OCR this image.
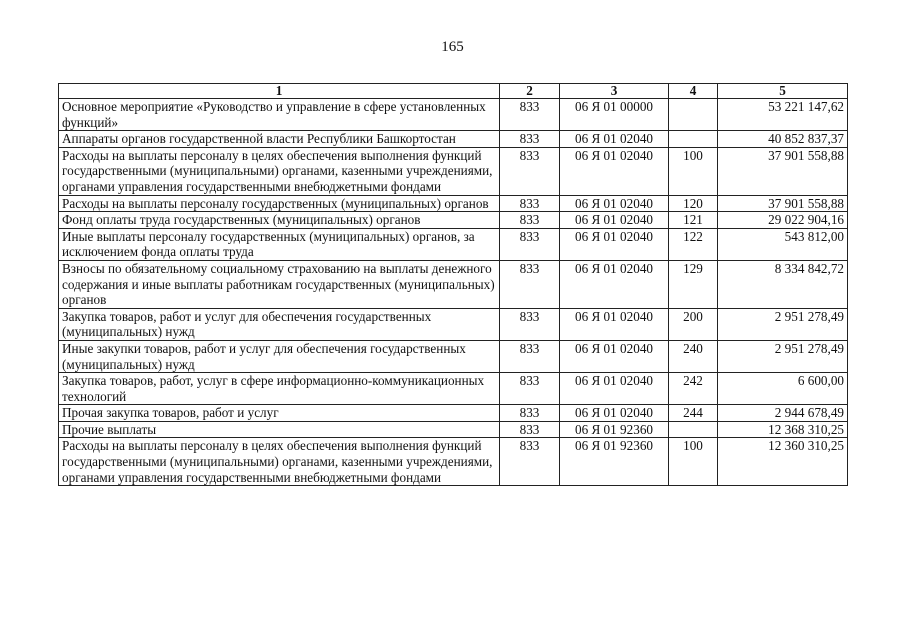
165
1	2	3	4	5
Основное мероприятие «Руководство и управление в сфере установленных функций»	833	06 Я 01 00000		53 221 147,62
Аппараты органов государственной власти Республики Башкортостан	833	06 Я 01 02040		40 852 837,37
Расходы на выплаты персоналу в целях обеспечения выполнения функций государственными (муниципальными) органами, казенными учреждениями, органами управления государственными внебюджетными фондами	833	06 Я 01 02040	100	37 901 558,88
Расходы на выплаты персоналу государственных (муниципальных) органов	833	06 Я 01 02040	120	37 901 558,88
Фонд оплаты труда государственных (муниципальных) органов	833	06 Я 01 02040	121	29 022 904,16
Иные выплаты персоналу государственных (муниципальных) органов, за исключением фонда оплаты труда	833	06 Я 01 02040	122	543 812,00
Взносы по обязательному социальному страхованию на выплаты денежного содержания и иные выплаты работникам государственных (муниципальных) органов	833	06 Я 01 02040	129	8 334 842,72
Закупка товаров, работ и услуг для обеспечения государственных (муниципальных) нужд	833	06 Я 01 02040	200	2 951 278,49
Иные закупки товаров, работ и услуг для обеспечения государственных (муниципальных) нужд	833	06 Я 01 02040	240	2 951 278,49
Закупка товаров, работ, услуг в сфере информационно-коммуникационных технологий	833	06 Я 01 02040	242	6 600,00
Прочая закупка товаров, работ и услуг	833	06 Я 01 02040	244	2 944 678,49
Прочие выплаты	833	06 Я 01 92360		12 368 310,25
Расходы на выплаты персоналу в целях обеспечения выполнения функций государственными (муниципальными) органами, казенными учреждениями, органами управления государственными внебюджетными фондами	833	06 Я 01 92360	100	12 360 310,25
